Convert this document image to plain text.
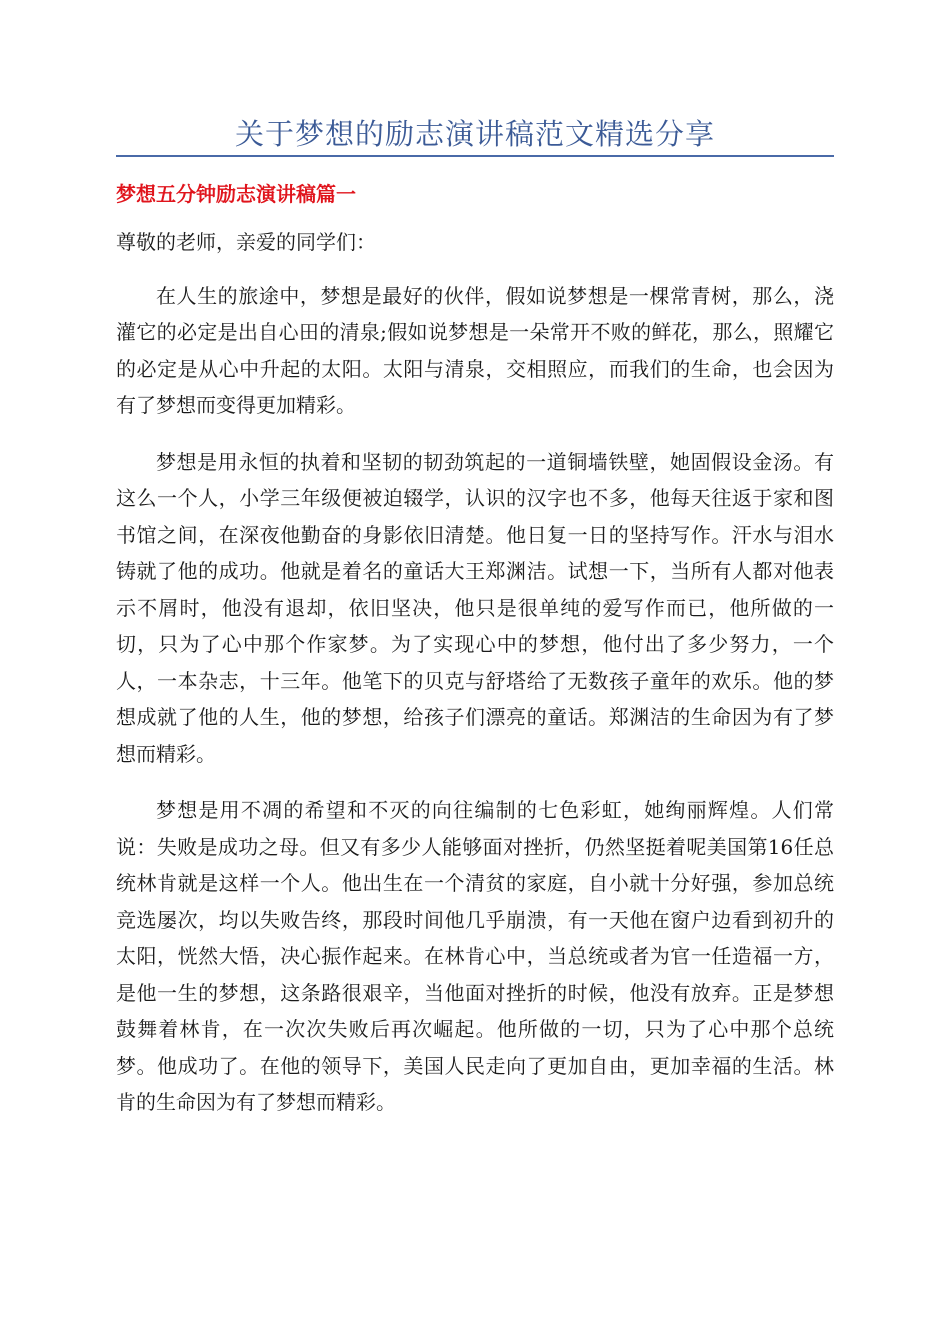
关于梦想的励志演讲稿范文精选分享
梦想五分钟励志演讲稿篇一

尊敬的老师，亲爱的同学们：

在人生的旅途中，梦想是最好的伙伴，假如说梦想是一棵常青树，那么，浇灌它的必定是出自心田的清泉;假如说梦想是一朵常开不败的鲜花，那么，照耀它的必定是从心中升起的太阳。太阳与清泉，交相照应，而我们的生命，也会因为有了梦想而变得更加精彩。

梦想是用永恒的执着和坚韧的韧劲筑起的一道铜墙铁壁，她固假设金汤。有这么一个人，小学三年级便被迫辍学，认识的汉字也不多，他每天往返于家和图书馆之间，在深夜他勤奋的身影依旧清楚。他日复一日的坚持写作。汗水与泪水铸就了他的成功。他就是着名的童话大王郑渊洁。试想一下，当所有人都对他表示不屑时，他没有退却，依旧坚决，他只是很单纯的爱写作而已，他所做的一切，只为了心中那个作家梦。为了实现心中的梦想，他付出了多少努力，一个人，一本杂志，十三年。他笔下的贝克与舒塔给了无数孩子童年的欢乐。他的梦想成就了他的人生，他的梦想，给孩子们漂亮的童话。郑渊洁的生命因为有了梦想而精彩。

梦想是用不凋的希望和不灭的向往编制的七色彩虹，她绚丽辉煌。人们常说：失败是成功之母。但又有多少人能够面对挫折，仍然坚挺着呢美国第16任总统林肯就是这样一个人。他出生在一个清贫的家庭，自小就十分好强，参加总统竞选屡次，均以失败告终，那段时间他几乎崩溃，有一天他在窗户边看到初升的太阳，恍然大悟，决心振作起来。在林肯心中，当总统或者为官一任造福一方，是他一生的梦想，这条路很艰辛，当他面对挫折的时候，他没有放弃。正是梦想鼓舞着林肯，在一次次失败后再次崛起。他所做的一切，只为了心中那个总统梦。他成功了。在他的领导下，美国人民走向了更加自由，更加幸福的生活。林肯的生命因为有了梦想而精彩。
